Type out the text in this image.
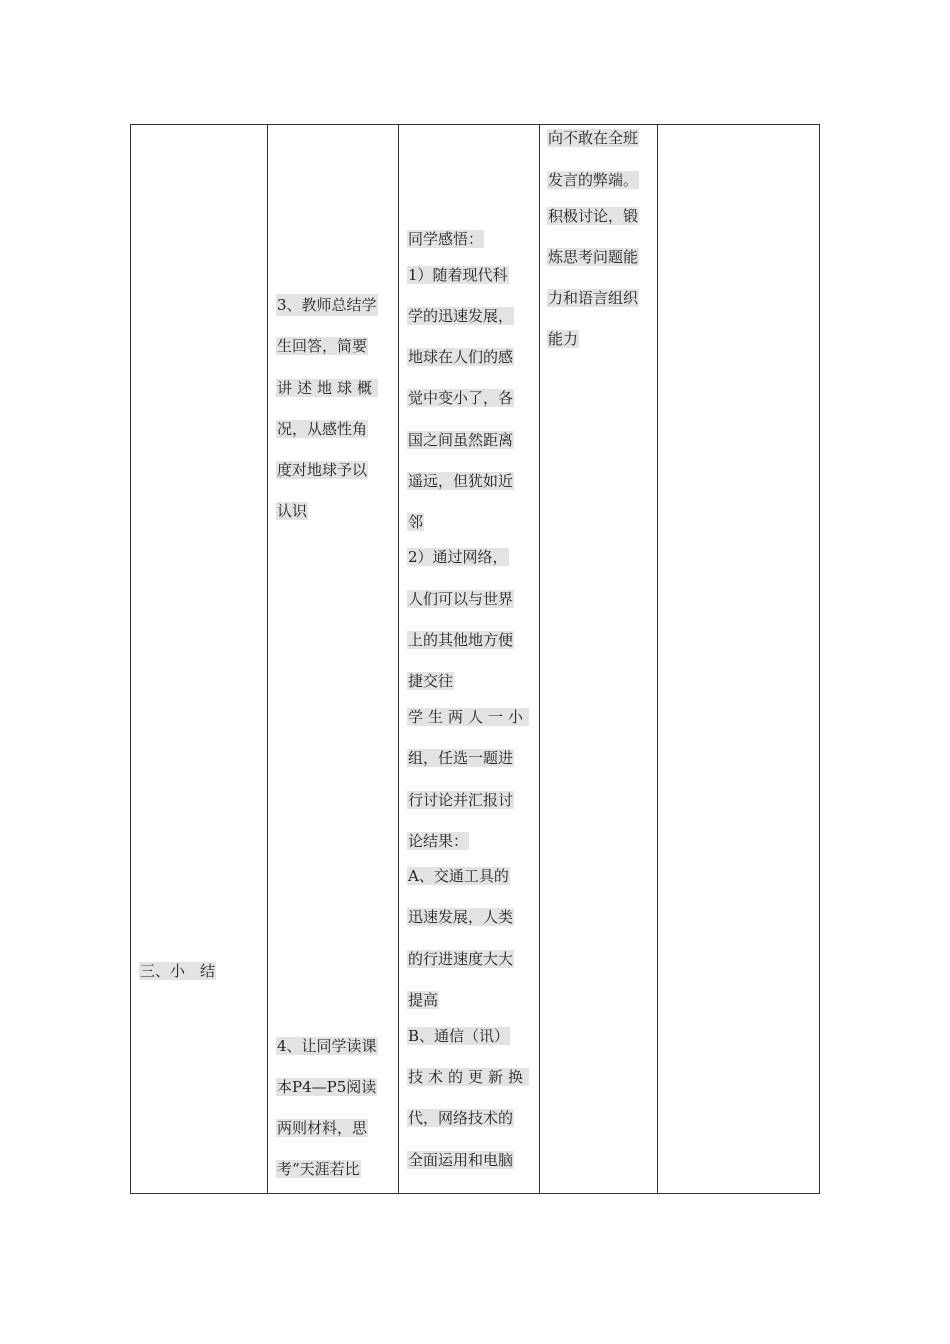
三、小　结
3、教师总结学
生回答，简要
讲述地球概
况，从感性角
度对地球予以
认识
4、让同学读课
本P4—P5阅读
两则材料，思
考“天涯若比
同学感悟：
1）随着现代科
学的迅速发展，
地球在人们的感
觉中变小了，各
国之间虽然距离
遥远，但犹如近
邻
2）通过网络，
人们可以与世界
上的其他地方便
捷交往
学生两人一小
组，任选一题进
行讨论并汇报讨
论结果：
A、交通工具的
迅速发展，人类
的行进速度大大
提高
B、通信（讯）
技术的更新换
代，网络技术的
全面运用和电脑
向不敢在全班
发言的弊端。
积极讨论，锻
炼思考问题能
力和语言组织
能力
